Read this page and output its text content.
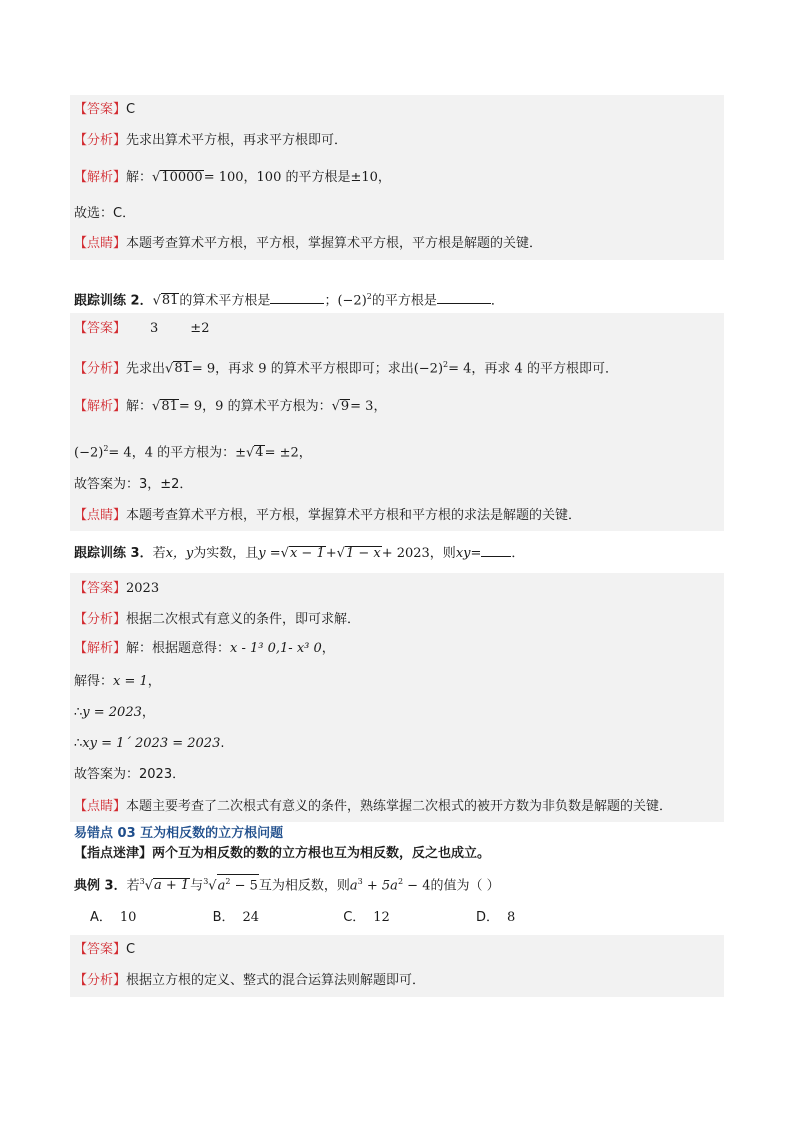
【答案】C
【分析】先求出算术平方根，再求平方根即可．
【解析】解：√10000= 100，100 的平方根是±10，
故选：C．
【点睛】本题考查算术平方根，平方根，掌握算术平方根，平方根是解题的关键．
跟踪训练 2．√81的算术平方根是	；$(-2)^2$的平方根是	．
【答案】 3 ±2
【分析】先求出√81= 9，再求 9 的算术平方根即可；求出$(-2)^2= 4$，再求 4 的平方根即可．
【解析】解：√81= 9，9 的算术平方根为：√9= 3，
$(-2)^2= 4$，4 的平方根为：±√4= ±2，
故答案为：3，±2．
【点睛】本题考查算术平方根，平方根，掌握算术平方根和平方根的求法是解题的关键．
跟踪训练 3．若x，y为实数，且y =√x − 1+√1 − x+ 2023，则xy= ．
【答案】2023
【分析】根据二次根式有意义的条件，即可求解．
【解析】解：根据题意得：x - 1³ 0,1- x³ 0，
解得：x = 1，
∴y = 2023，
∴xy = 1´ 2023 = 2023.
故答案为：2023．
【点睛】本题主要考查了二次根式有意义的条件，熟练掌握二次根式的被开方数为非负数是解题的关键．
易错点 03 互为相反数的立方根问题
【指点迷津】两个互为相反数的数的立方根也互为相反数，反之也成立。
典例 3．若$^3$√a + 1与$^3√a^2 - 5$互为相反数，则$a^3 + 5a^2 - 4$的值为（ ）
A． 10	B． 24	C． 12	D． 8
【答案】C
【分析】根据立方根的定义、整式的混合运算法则解题即可．
